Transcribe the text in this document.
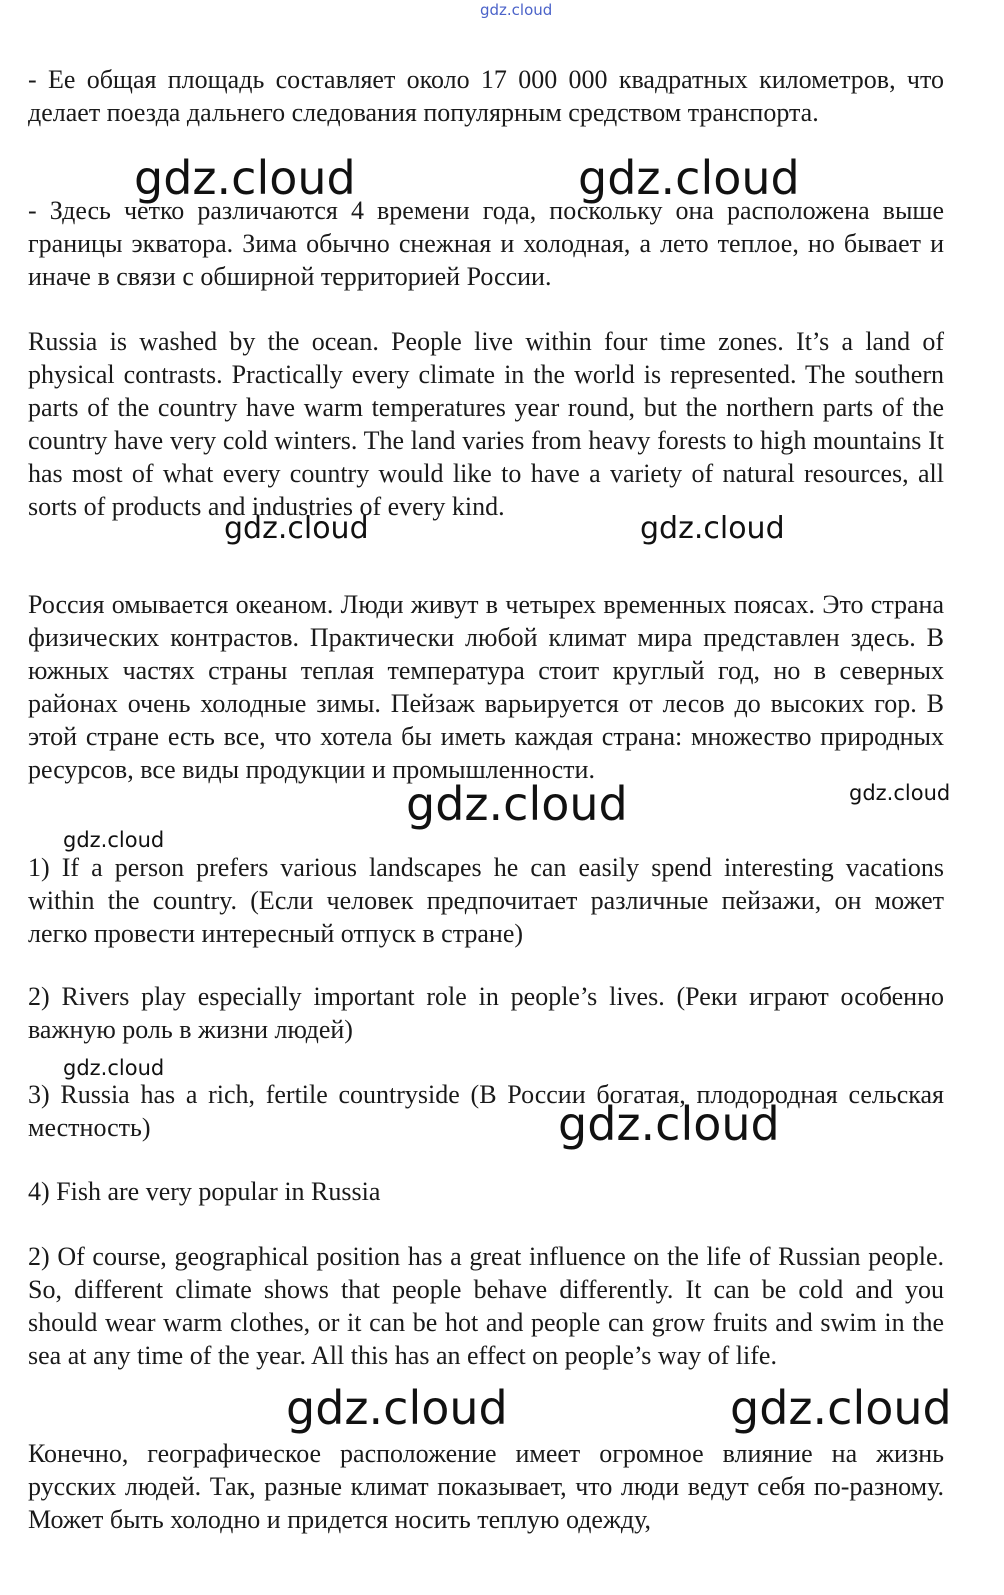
gdz.cloud

- Ее общая площадь составляет около 17 000 000 квадратных километров, что делает поезда дальнего следования популярным средством транспорта.

- Здесь четко различаются 4 времени года, поскольку она расположена выше границы экватора. Зима обычно снежная и холодная, а лето теплое, но бывает и иначе в связи с обширной территорией России.

Russia is washed by the ocean. People live within four time zones. It’s a land of physical contrasts. Practically every climate in the world is represented. The southern parts of the country have warm temperatures year round, but the northern parts of the country have very cold winters. The land varies from heavy forests to high mountains It has most of what every country would like to have a variety of natural resources, all sorts of products and industries of every kind.

Россия омывается океаном. Люди живут в четырех временных поясах. Это страна физических контрастов. Практически любой климат мира представлен здесь. В южных частях страны теплая температура стоит круглый год, но в северных районах очень холодные зимы. Пейзаж варьируется от лесов до высоких гор. В этой стране есть все, что хотела бы иметь каждая страна: множество природных ресурсов, все виды продукции и промышленности.

1) If a person prefers various landscapes he can easily spend interesting vacations within the country. (Если человек предпочитает различные пейзажи, он может легко провести интересный отпуск в стране)

2) Rivers play especially important role in people’s lives. (Реки играют особенно важную роль в жизни людей)

3) Russia has a rich, fertile countryside (В России богатая, плодородная сельская местность)

4) Fish are very popular in Russia

2) Of course, geographical position has a great influence on the life of Russian people. So, different climate shows that people behave differently. It can be cold and you should wear warm clothes, or it can be hot and people can grow fruits and swim in the sea at any time of the year. All this has an effect on people’s way of life.

Конечно, географическое расположение имеет огромное влияние на жизнь русских людей. Так, разные климат показывает, что люди ведут себя по-разному. Может быть холодно и придется носить теплую одежду,

gdz.cloud	gdz.cloud
gdz.cloud	gdz.cloud
gdz.cloud	gdz.cloud
gdz.cloud
gdz.cloud
gdz.cloud
gdz.cloud	gdz.cloud
